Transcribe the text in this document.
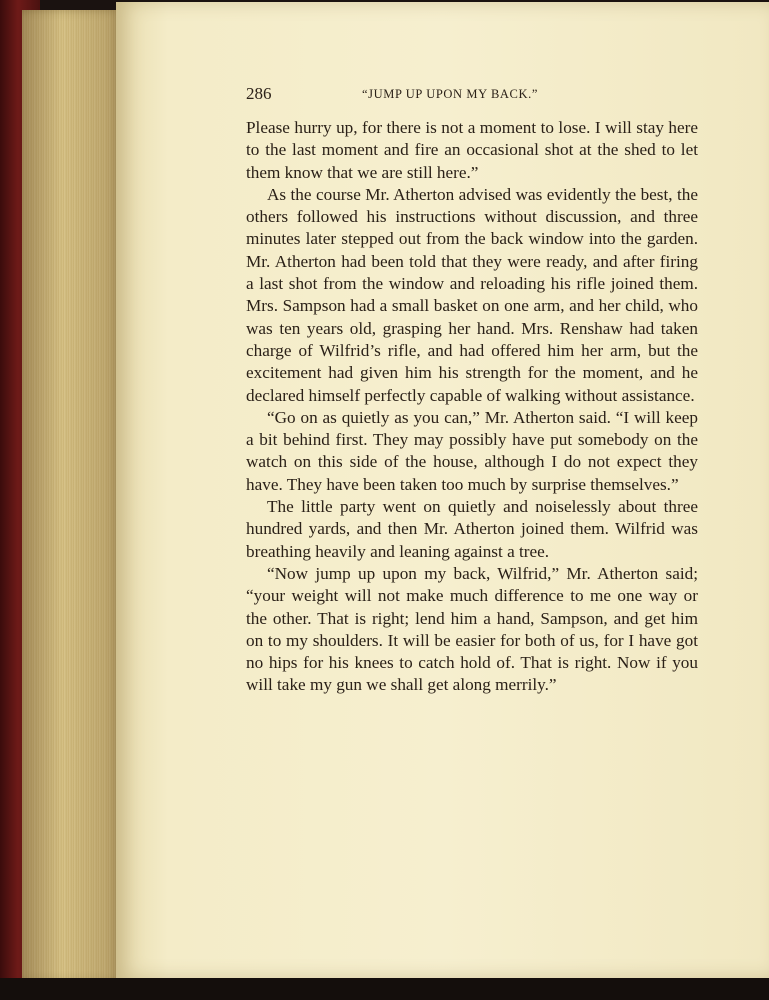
286	“JUMP UP UPON MY BACK.”

Please hurry up, for there is not a moment to lose. I will stay here to the last moment and fire an occasional shot at the shed to let them know that we are still here.”

As the course Mr. Atherton advised was evidently the best, the others followed his instructions without discussion, and three minutes later stepped out from the back window into the garden. Mr. Atherton had been told that they were ready, and after firing a last shot from the window and reloading his rifle joined them. Mrs. Sampson had a small basket on one arm, and her child, who was ten years old, grasping her hand. Mrs. Renshaw had taken charge of Wilfrid’s rifle, and had offered him her arm, but the excitement had given him his strength for the moment, and he declared himself perfectly capable of walking without assistance.

“Go on as quietly as you can,” Mr. Atherton said. “I will keep a bit behind first. They may possibly have put somebody on the watch on this side of the house, although I do not expect they have. They have been taken too much by surprise themselves.”

The little party went on quietly and noiselessly about three hundred yards, and then Mr. Atherton joined them. Wilfrid was breathing heavily and leaning against a tree.

“Now jump up upon my back, Wilfrid,” Mr. Atherton said; “your weight will not make much difference to me one way or the other. That is right; lend him a hand, Sampson, and get him on to my shoulders. It will be easier for both of us, for I have got no hips for his knees to catch hold of. That is right. Now if you will take my gun we shall get along merrily.”
